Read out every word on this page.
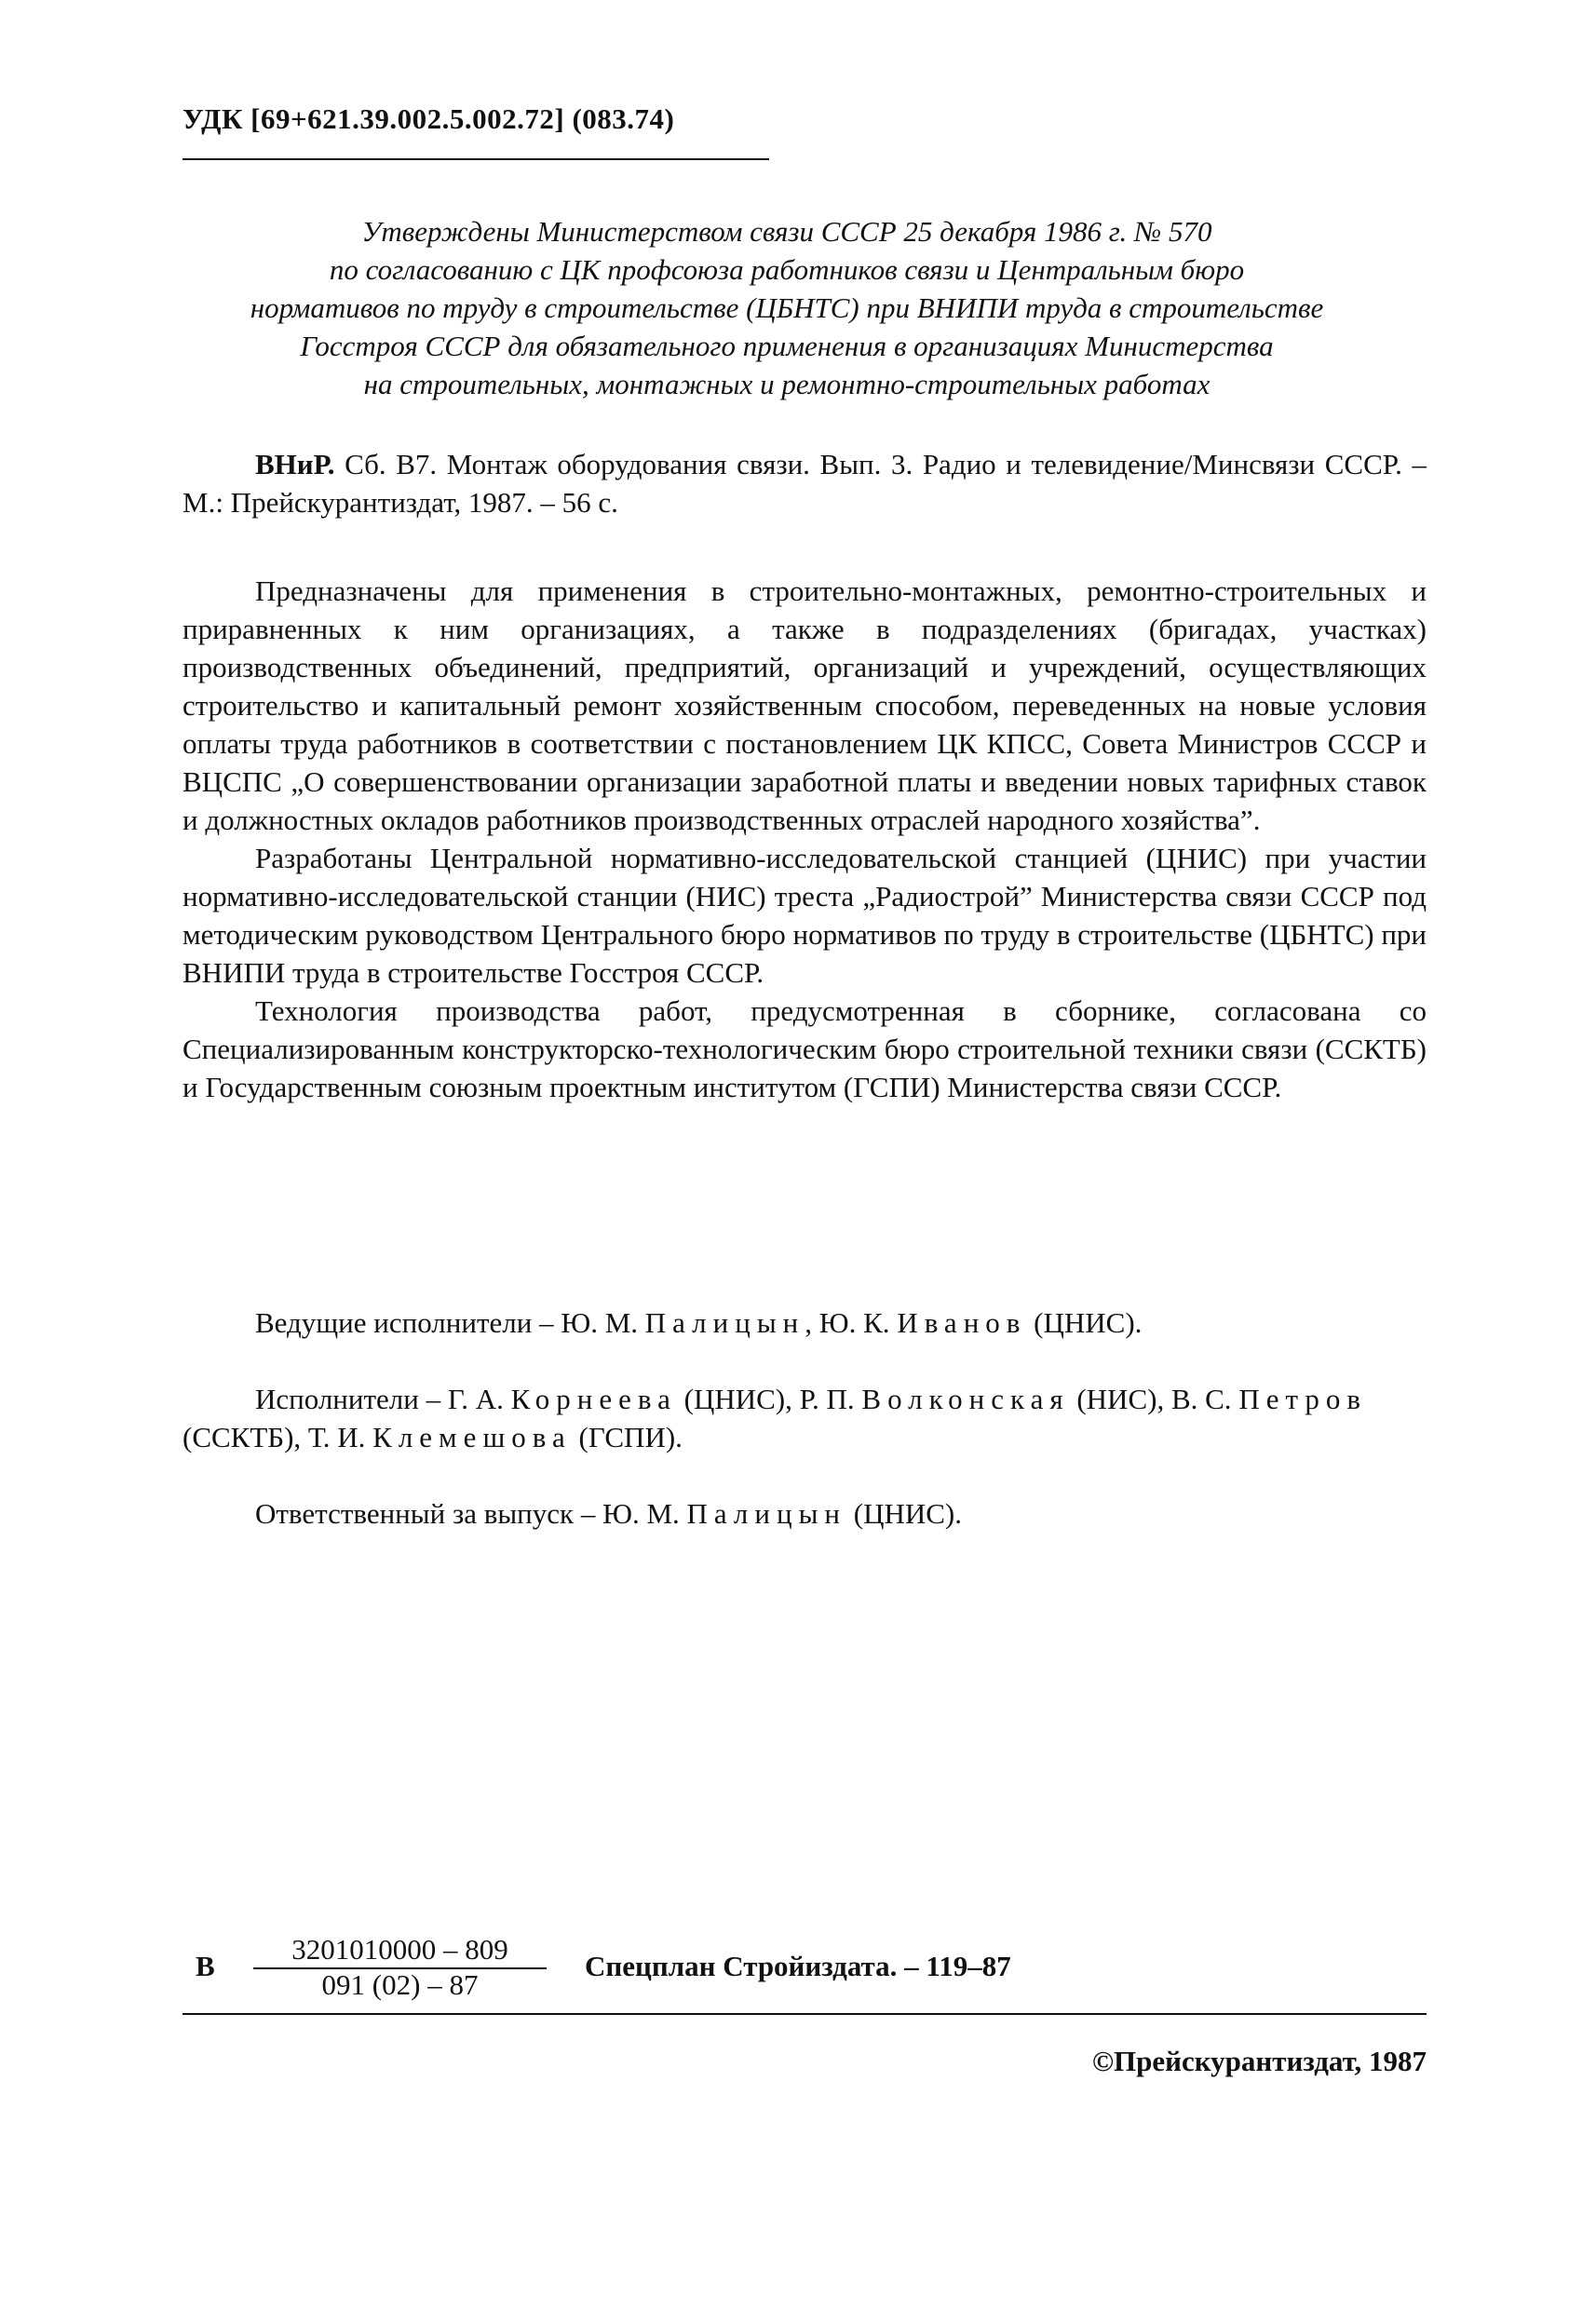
УДК [69+621.39.002.5.002.72] (083.74)
Утверждены Министерством связи СССР 25 декабря 1986 г. № 570
по согласованию с ЦК профсоюза работников связи и Центральным бюро
нормативов по труду в строительстве (ЦБНТС) при ВНИПИ труда в строительстве
Госстроя СССР для обязательного применения в организациях Министерства
на строительных, монтажных и ремонтно-строительных работах

ВНиР. Сб. В7. Монтаж оборудования связи. Вып. 3. Радио и телевидение/Минсвязи СССР. – М.: Прейскурантиздат, 1987. – 56 с.

Предназначены для применения в строительно-монтажных, ремонтно-строительных и приравненных к ним организациях, а также в подразделениях (бригадах, участках) производственных объединений, предприятий, организаций и учреждений, осуществляющих строительство и капитальный ремонт хозяйственным способом, переведенных на новые условия оплаты труда работников в соответствии с постановлением ЦК КПСС, Совета Министров СССР и ВЦСПС „О совершенствовании организации заработной платы и введении новых тарифных ставок и должностных окладов работников производственных отраслей народного хозяйства”.

Разработаны Центральной нормативно-исследовательской станцией (ЦНИС) при участии нормативно-исследовательской станции (НИС) треста „Радиострой” Министерства связи СССР под методическим руководством Центрального бюро нормативов по труду в строительстве (ЦБНТС) при ВНИПИ труда в строительстве Госстроя СССР.

Технология производства работ, предусмотренная в сборнике, согласована со Специализированным конструкторско-технологическим бюро строительной техники связи (ССКТБ) и Государственным союзным проектным институтом (ГСПИ) Министерства связи СССР.

Ведущие исполнители – Ю. М. Палицын, Ю. К. Иванов (ЦНИС).

Исполнители – Г. А. Корнеева (ЦНИС), Р. П. Волконская (НИС), В. С. Петров (ССКТБ), Т. И. Клемешова (ГСПИ).

Ответственный за выпуск – Ю. М. Палицын (ЦНИС).

В
3201010000 – 809
091 (02) – 87
Спецплан Стройиздата. – 119–87
©Прейскурантиздат, 1987
